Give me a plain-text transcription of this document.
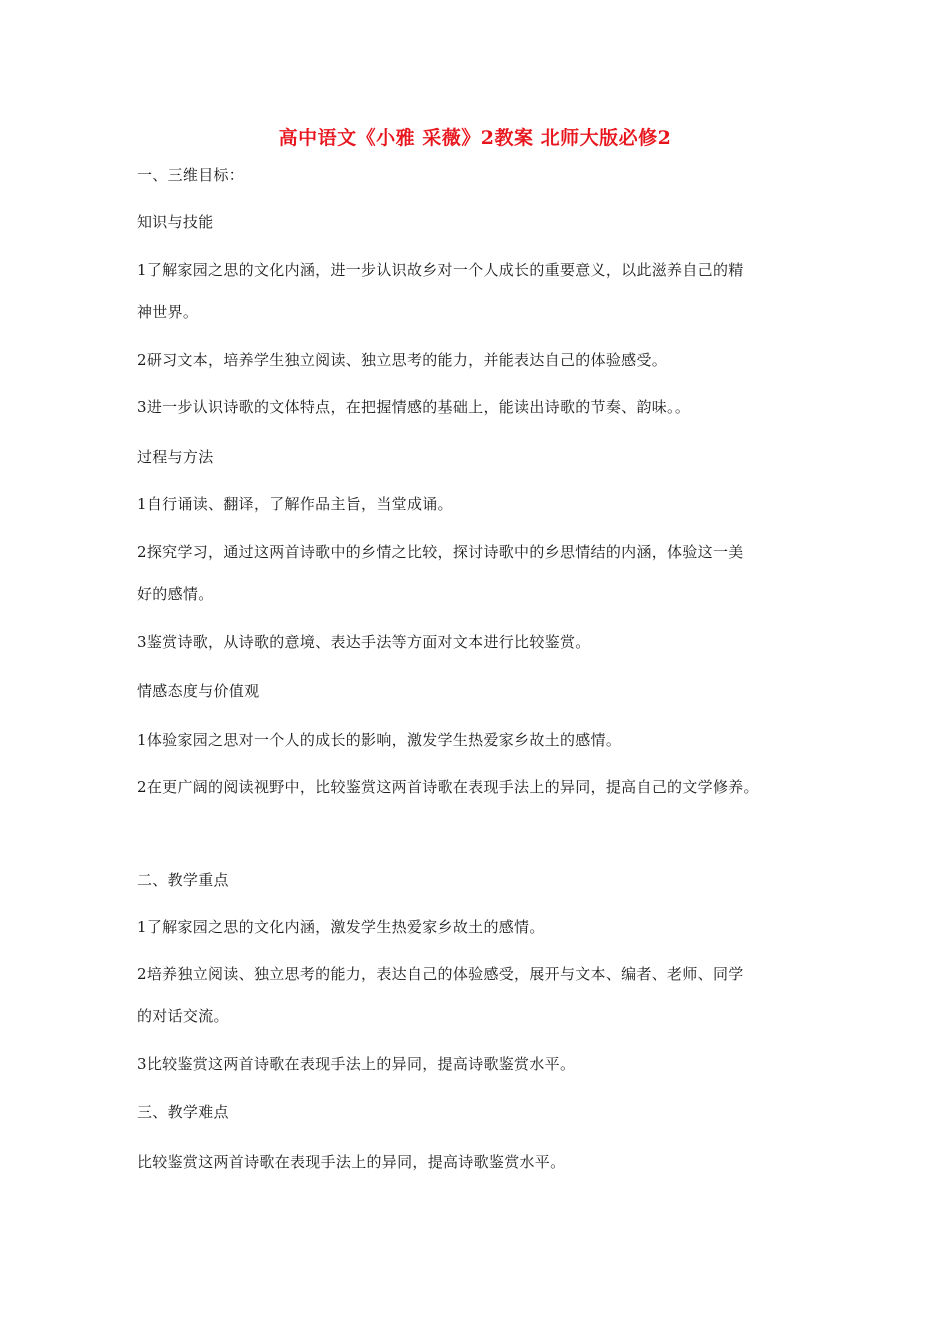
高中语文《小雅 采薇》2教案 北师大版必修2
一、三维目标：
知识与技能
1了解家园之思的文化内涵，进一步认识故乡对一个人成长的重要意义，以此滋养自己的精
神世界。
2研习文本，培养学生独立阅读、独立思考的能力，并能表达自己的体验感受。
3进一步认识诗歌的文体特点，在把握情感的基础上，能读出诗歌的节奏、韵味。。
过程与方法
1自行诵读、翻译，了解作品主旨，当堂成诵。
2探究学习，通过这两首诗歌中的乡情之比较，探讨诗歌中的乡思情结的内涵，体验这一美
好的感情。
3鉴赏诗歌，从诗歌的意境、表达手法等方面对文本进行比较鉴赏。
情感态度与价值观
1体验家园之思对一个人的成长的影响，激发学生热爱家乡故土的感情。
2在更广阔的阅读视野中，比较鉴赏这两首诗歌在表现手法上的异同，提高自己的文学修养。
二、教学重点
1了解家园之思的文化内涵，激发学生热爱家乡故土的感情。
2培养独立阅读、独立思考的能力，表达自己的体验感受，展开与文本、编者、老师、同学
的对话交流。
3比较鉴赏这两首诗歌在表现手法上的异同，提高诗歌鉴赏水平。
三、教学难点
比较鉴赏这两首诗歌在表现手法上的异同，提高诗歌鉴赏水平。
